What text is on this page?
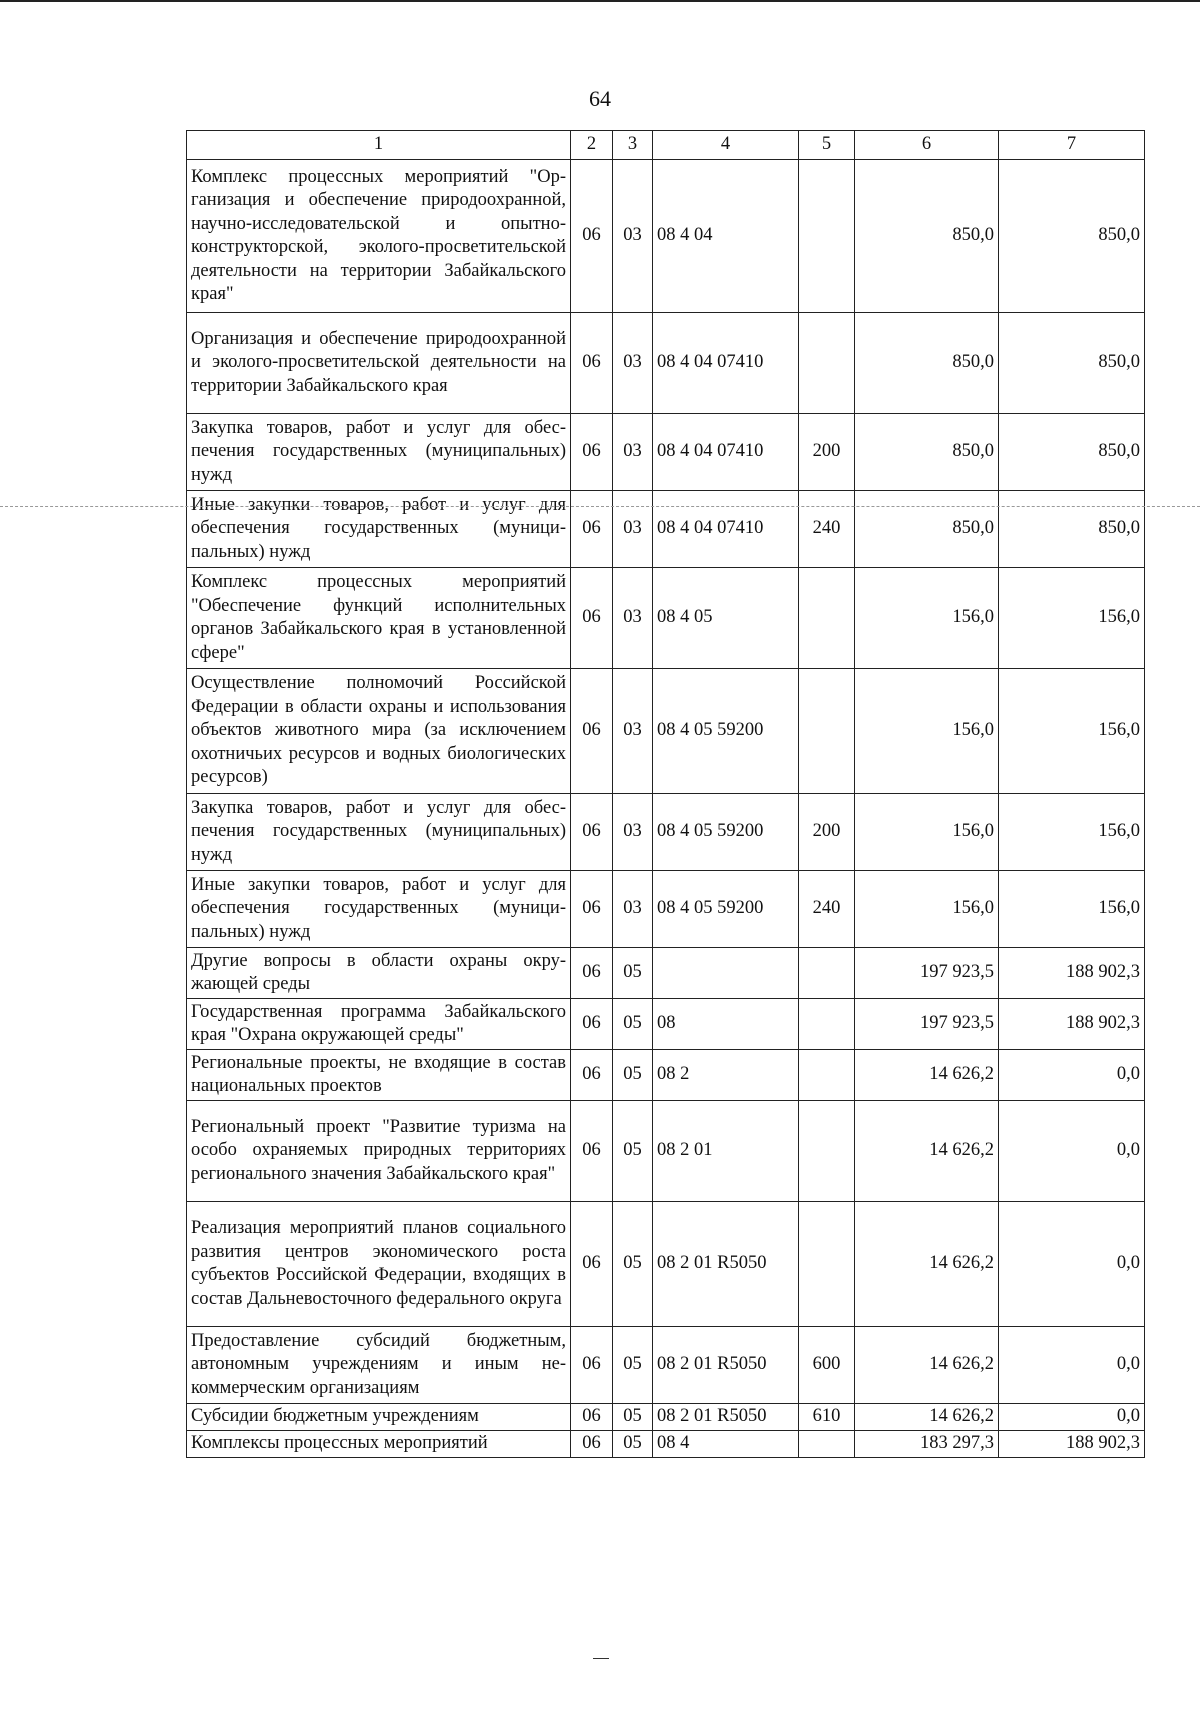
64
1	2	3	4	5	6	7
Комплекс процессных мероприятий "Организация и обеспечение природоохранной, научно-исследовательской и опытно-конструкторской, эколого-просветительской деятельности на территории Забайкальского края"	06	03	08 4 04		850,0	850,0
Организация и обеспечение природоохранной и эколого-просветительской деятельности на территории Забайкальского края	06	03	08 4 04 07410		850,0	850,0
Закупка товаров, работ и услуг для обеспечения государственных (муниципальных) нужд	06	03	08 4 04 07410	200	850,0	850,0
Иные закупки товаров, работ и услуг для обеспечения государственных (муниципальных) нужд	06	03	08 4 04 07410	240	850,0	850,0
Комплекс процессных мероприятий "Обеспечение функций исполнительных органов Забайкальского края в установленной сфере"	06	03	08 4 05		156,0	156,0
Осуществление полномочий Российской Федерации в области охраны и использования объектов животного мира (за исключением охотничьих ресурсов и водных биологических ресурсов)	06	03	08 4 05 59200		156,0	156,0
Закупка товаров, работ и услуг для обеспечения государственных (муниципальных) нужд	06	03	08 4 05 59200	200	156,0	156,0
Иные закупки товаров, работ и услуг для обеспечения государственных (муниципальных) нужд	06	03	08 4 05 59200	240	156,0	156,0
Другие вопросы в области охраны окружающей среды	06	05			197 923,5	188 902,3
Государственная программа Забайкальского края "Охрана окружающей среды"	06	05	08		197 923,5	188 902,3
Региональные проекты, не входящие в состав национальных проектов	06	05	08 2		14 626,2	0,0
Региональный проект "Развитие туризма на особо охраняемых природных территориях регионального значения Забайкальского края"	06	05	08 2 01		14 626,2	0,0
Реализация мероприятий планов социального развития центров экономического роста субъектов Российской Федерации, входящих в состав Дальневосточного федерального округа	06	05	08 2 01 R5050		14 626,2	0,0
Предоставление субсидий бюджетным, автономным учреждениям и иным некоммерческим организациям	06	05	08 2 01 R5050	600	14 626,2	0,0
Субсидии бюджетным учреждениям	06	05	08 2 01 R5050	610	14 626,2	0,0
Комплексы процессных мероприятий	06	05	08 4		183 297,3	188 902,3
